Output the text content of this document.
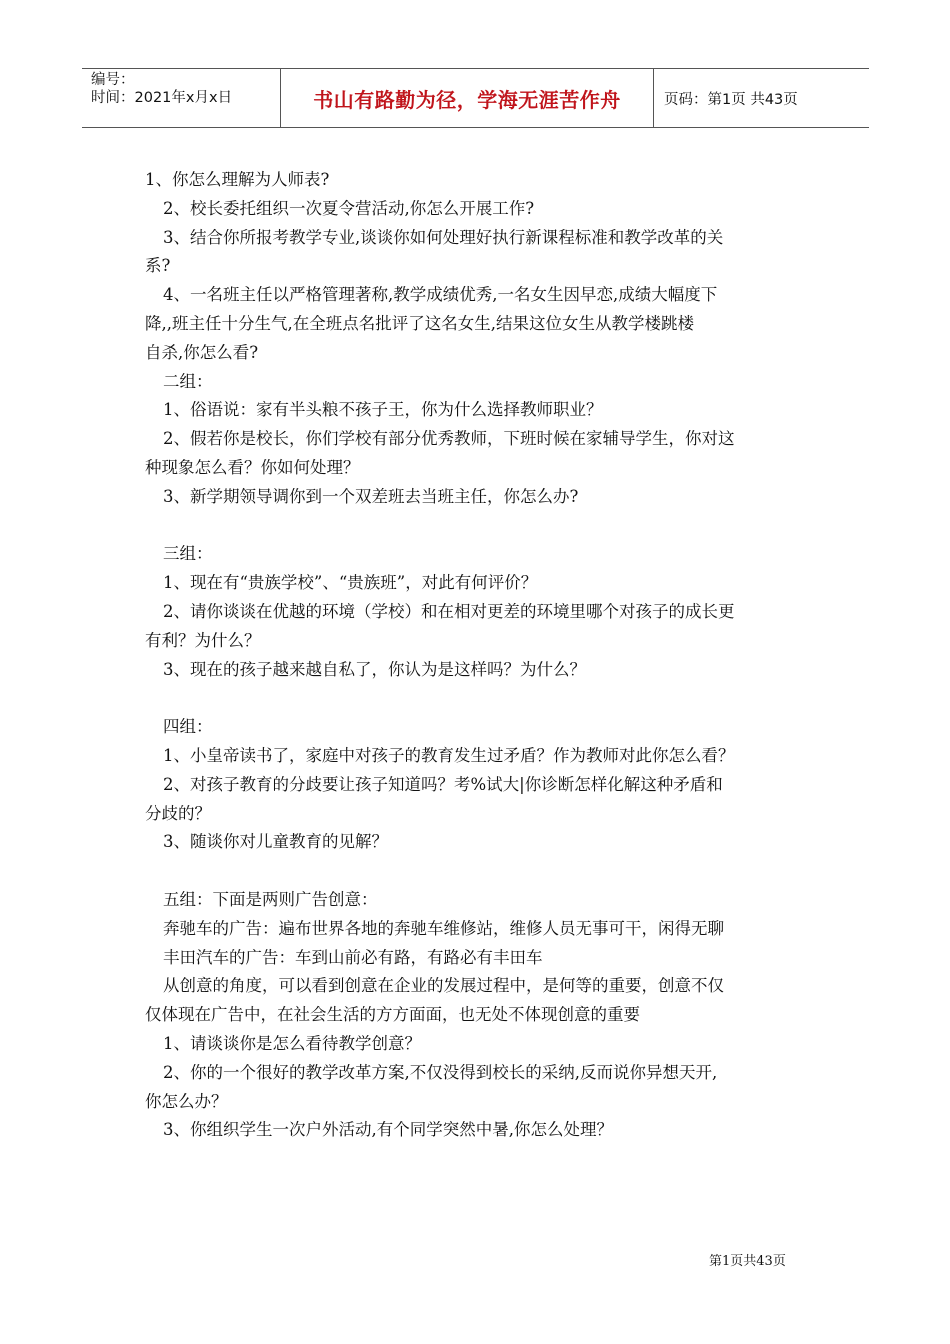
编号：
时间：2021年x月x日	书山有路勤为径，学海无涯苦作舟	页码：第1页 共43页

1、你怎么理解为人师表?

2、校长委托组织一次夏令营活动,你怎么开展工作?

3、结合你所报考教学专业,谈谈你如何处理好执行新课程标准和教学改革的关

系?

4、一名班主任以严格管理著称,教学成绩优秀,一名女生因早恋,成绩大幅度下

降,,班主任十分生气,在全班点名批评了这名女生,结果这位女生从教学楼跳楼

自杀,你怎么看?

二组：

1、俗语说：家有半头粮不孩子王，你为什么选择教师职业？

2、假若你是校长，你们学校有部分优秀教师，下班时候在家辅导学生，你对这

种现象怎么看？你如何处理？

3、新学期领导调你到一个双差班去当班主任，你怎么办?

三组：

1、现在有“贵族学校”、“贵族班”，对此有何评价？

2、请你谈谈在优越的环境（学校）和在相对更差的环境里哪个对孩子的成长更

有利？为什么？

3、现在的孩子越来越自私了，你认为是这样吗？为什么？

四组：

1、小皇帝读书了，家庭中对孩子的教育发生过矛盾？作为教师对此你怎么看？

2、对孩子教育的分歧要让孩子知道吗？考%试大|你诊断怎样化解这种矛盾和

分歧的？

3、随谈你对儿童教育的见解？

五组：下面是两则广告创意：

奔驰车的广告：遍布世界各地的奔驰车维修站，维修人员无事可干，闲得无聊

丰田汽车的广告：车到山前必有路，有路必有丰田车

从创意的角度，可以看到创意在企业的发展过程中，是何等的重要，创意不仅

仅体现在广告中，在社会生活的方方面面，也无处不体现创意的重要

1、请谈谈你是怎么看待教学创意？

2、你的一个很好的教学改革方案,不仅没得到校长的采纳,反而说你异想天开,

你怎么办？

3、你组织学生一次户外活动,有个同学突然中暑,你怎么处理？

第1页共43页
